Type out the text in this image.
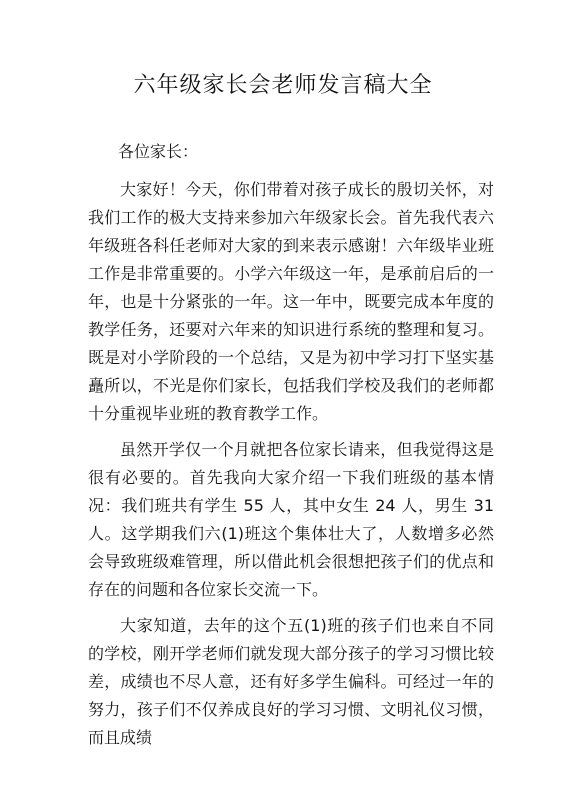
六年级家长会老师发言稿大全

各位家长：

大家好！今天，你们带着对孩子成长的殷切关怀，对我们工作的极大支持来参加六年级家长会。首先我代表六年级班各科任老师对大家的到来表示感谢！六年级毕业班工作是非常重要的。小学六年级这一年，是承前启后的一年，也是十分紧张的一年。这一年中，既要完成本年度的教学任务，还要对六年来的知识进行系统的整理和复习。既是对小学阶段的一个总结，又是为初中学习打下坚实基矗所以，不光是你们家长，包括我们学校及我们的老师都十分重视毕业班的教育教学工作。

虽然开学仅一个月就把各位家长请来，但我觉得这是很有必要的。首先我向大家介绍一下我们班级的基本情况：我们班共有学生 55 人，其中女生 24 人，男生 31 人。这学期我们六(1)班这个集体壮大了，人数增多必然会导致班级难管理，所以借此机会很想把孩子们的优点和存在的问题和各位家长交流一下。

大家知道，去年的这个五(1)班的孩子们也来自不同的学校，刚开学老师们就发现大部分孩子的学习习惯比较差，成绩也不尽人意，还有好多学生偏科。可经过一年的努力，孩子们不仅养成良好的学习习惯、文明礼仪习惯，而且成绩
